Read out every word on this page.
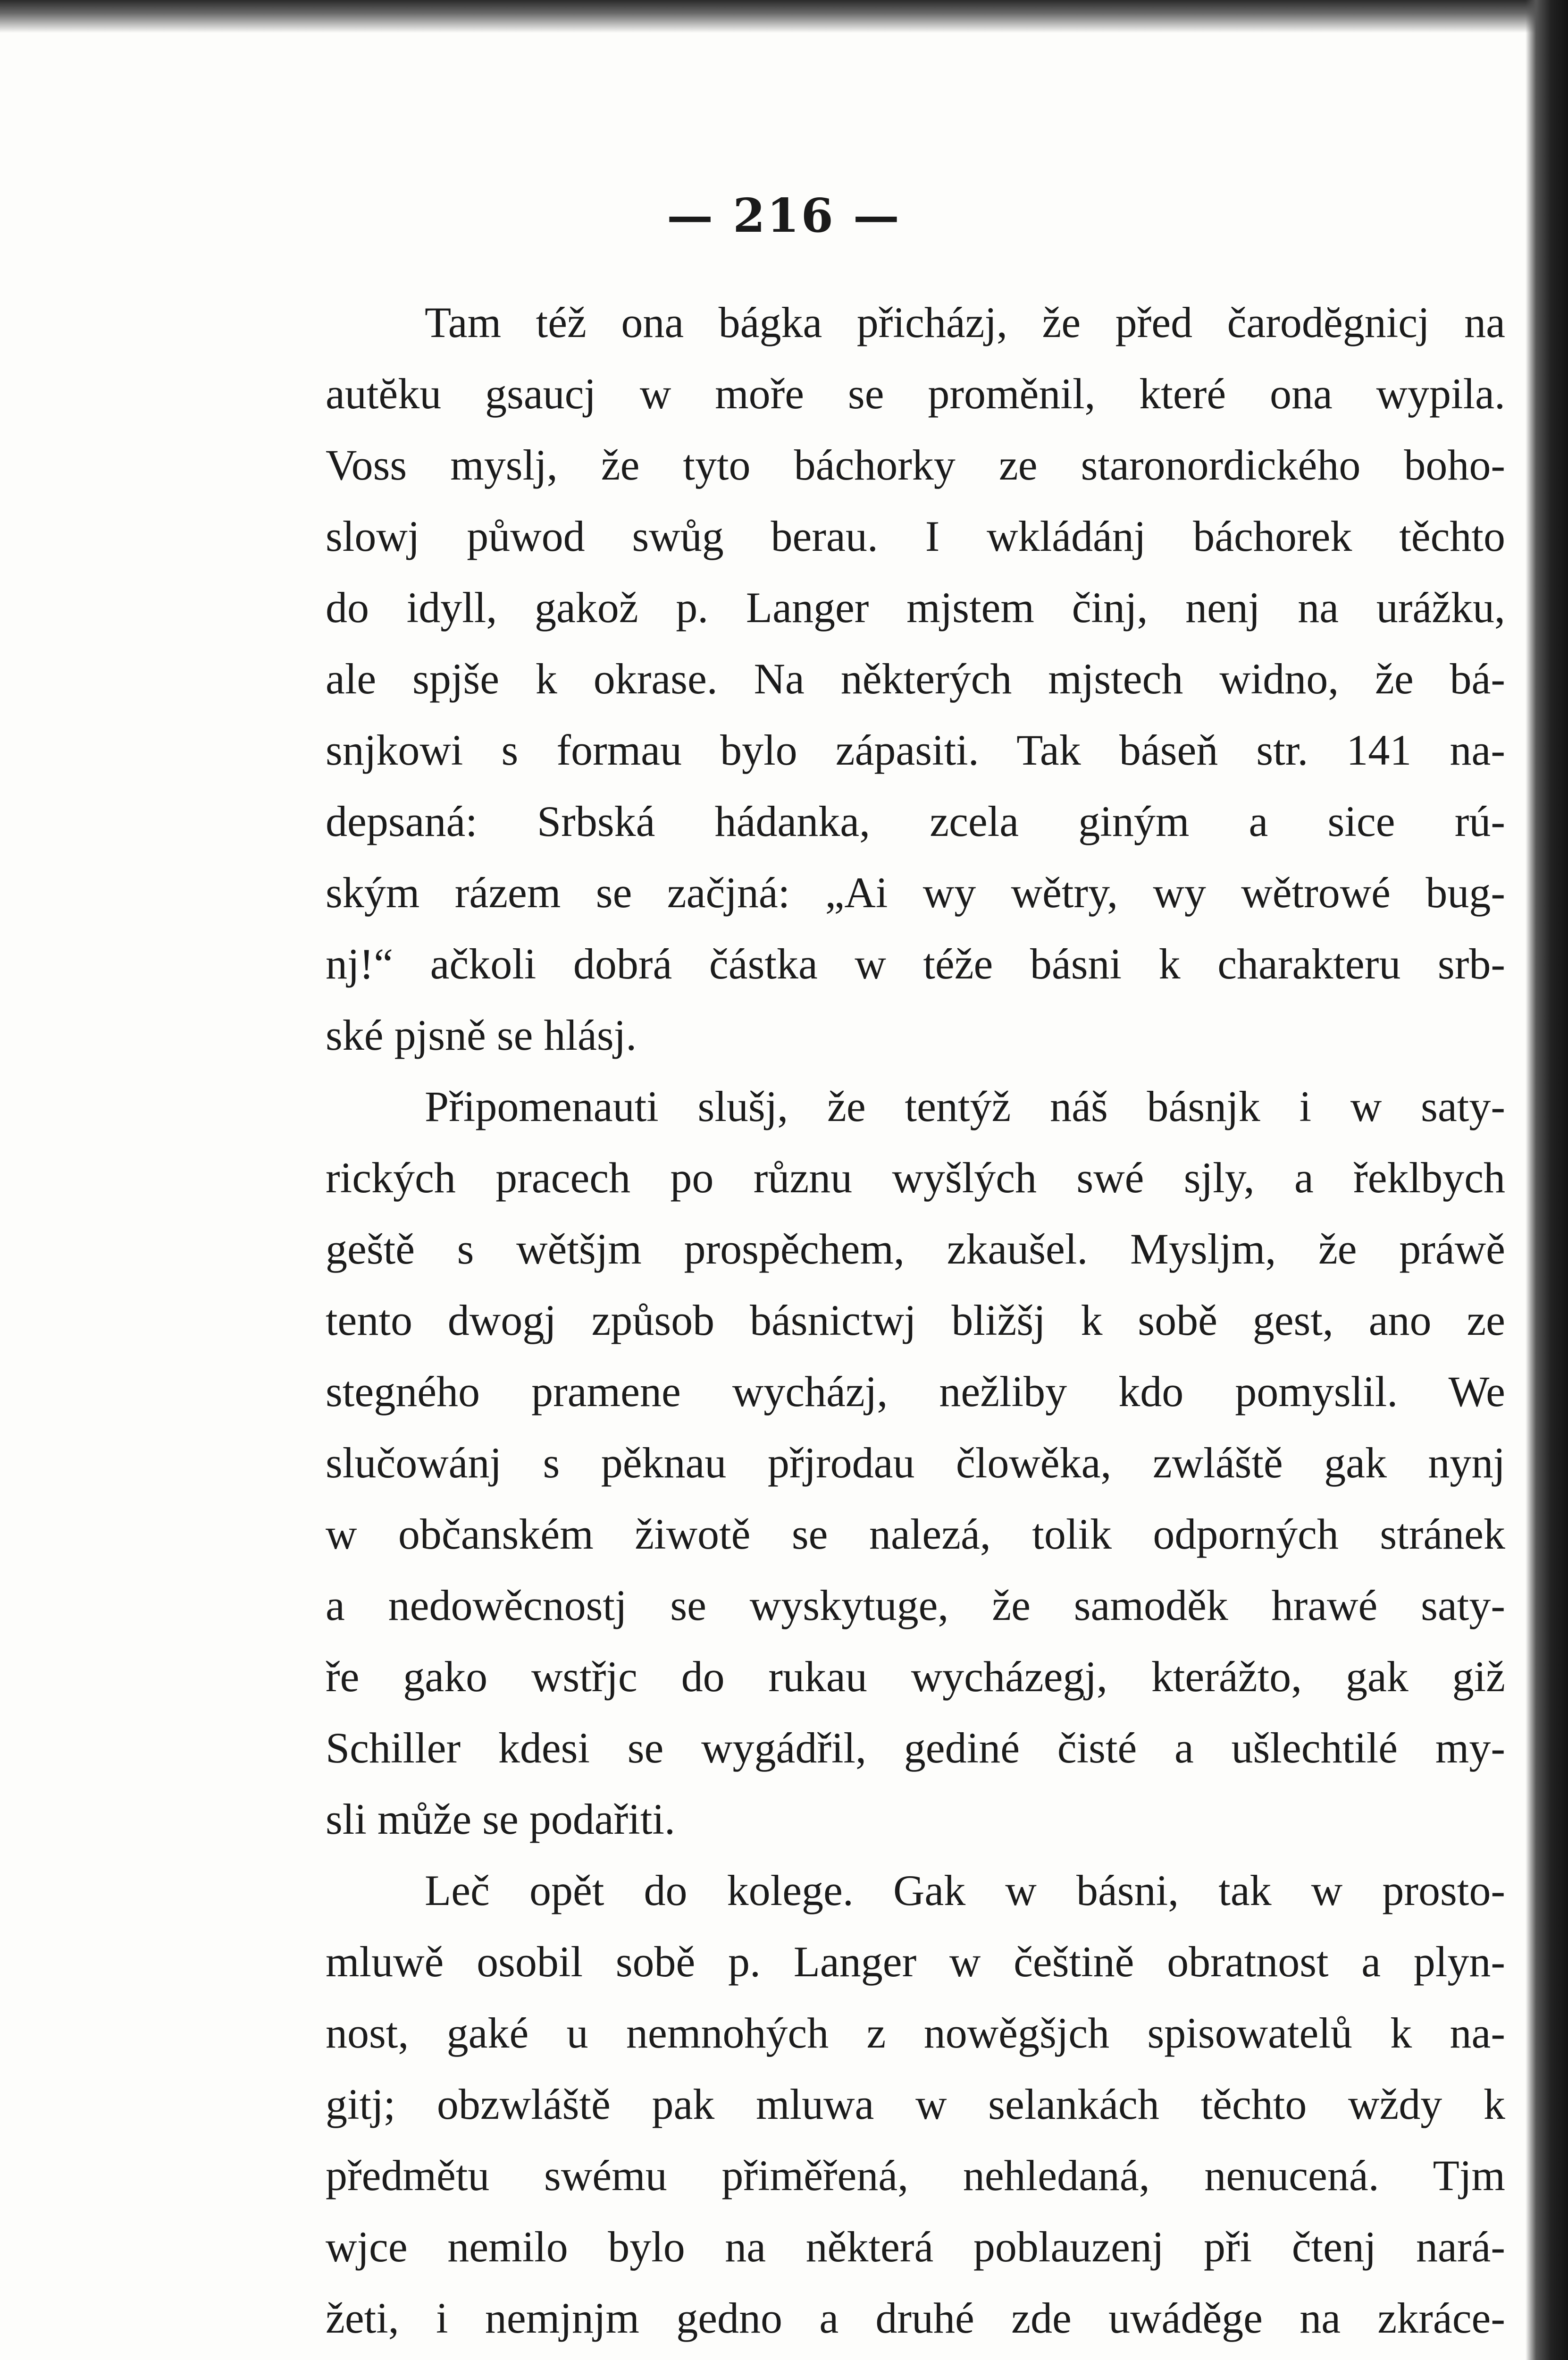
— 216 —
Tam též ona bágka přicházj, že před čarodĕgnicj na
autĕku gsaucj w moře se proměnil, které ona wypila.
Voss myslj, že tyto báchorky ze staronordického boho-
slowj půwod swůg berau. I wkládánj báchorek těchto
do idyll, gakož p. Langer mjstem činj, nenj na urážku,
ale spjše k okrase. Na některých mjstech widno, že bá-
snjkowi s formau bylo zápasiti. Tak báseň str. 141 na-
depsaná: Srbská hádanka, zcela giným a sice rú-
ským rázem se začjná: „Ai wy wětry, wy wětrowé bug-
nj!“ ačkoli dobrá částka w téže básni k charakteru srb-
ské pjsně se hlásj.
Připomenauti slušj, že tentýž náš básnjk i w saty-
rických pracech po různu wyšlých swé sjly, a řeklbych
geště s wětšjm prospěchem, zkaušel. Myslјm, že práwě
tento dwogj způsob básnictwj bližšj k sobě gest, ano ze
stegného pramene wycházj, nežliby kdo pomyslil. We
slučowánj s pěknau přjrodau člowěka, zwláště gak nynj
w občanském žiwotě se nalezá, tolik odporných stránek
a nedowěcnostj se wyskytuge, že samoděk hrawé saty-
ře gako wstřjc do rukau wycházegj, kterážto, gak giž
Schiller kdesi se wygádřil, gediné čisté a ušlechtilé my-
sli může se podařiti.
Leč opět do kolege. Gak w básni, tak w prosto-
mluwě osobil sobě p. Langer w češtině obratnost a plyn-
nost, gaké u nemnohých z nowěgšjch spisowatelů k na-
gitj; obzwláště pak mluwa w selankách těchto wždy k
předmětu swému přiměřená, nehledaná, nenucená. Tjm
wjce nemilo bylo na některá poblauzenj při čtenj nará-
žeti, i nemjnjm gedno a druhé zde uwáděge na zkráce-
